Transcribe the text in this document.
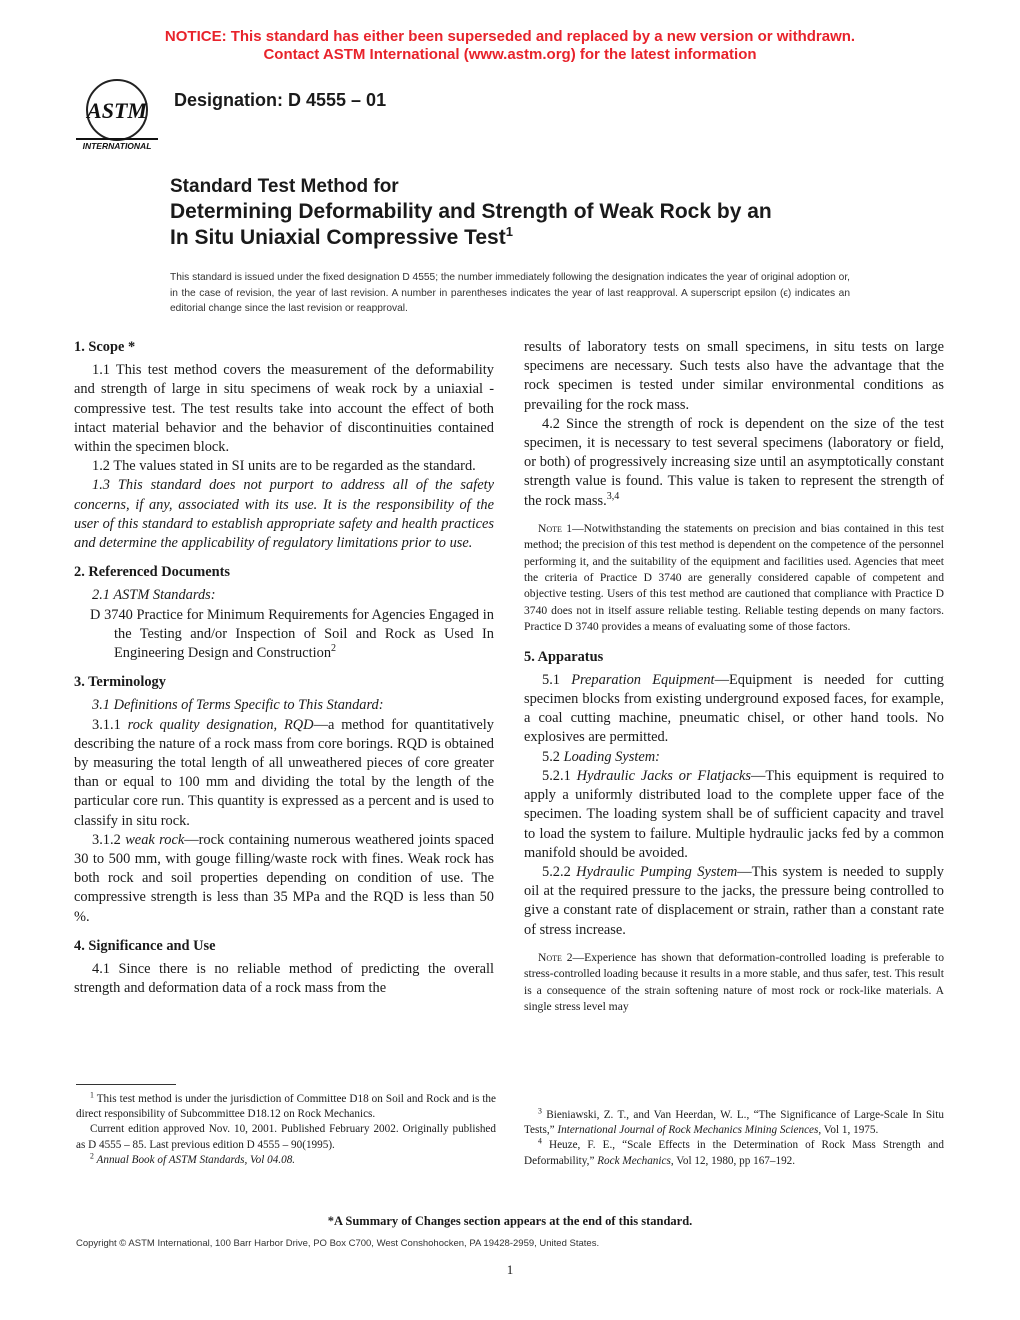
NOTICE: This standard has either been superseded and replaced by a new version or withdrawn.
Contact ASTM International (www.astm.org) for the latest information
ASTM
INTERNATIONAL
Designation: D 4555 – 01
Standard Test Method for
Determining Deformability and Strength of Weak Rock by an
In Situ Uniaxial Compressive Test$^1$
This standard is issued under the fixed designation D 4555; the number immediately following the designation indicates the year of original adoption or, in the case of revision, the year of last revision. A number in parentheses indicates the year of last reapproval. A superscript epsilon (ϵ) indicates an editorial change since the last revision or reapproval.
1. Scope *

1.1 This test method covers the measurement of the deformability and strength of large in situ specimens of weak rock by a uniaxial - compressive test. The test results take into account the effect of both intact material behavior and the behavior of discontinuities contained within the specimen block.

1.2 The values stated in SI units are to be regarded as the standard.

1.3 This standard does not purport to address all of the safety concerns, if any, associated with its use. It is the responsibility of the user of this standard to establish appropriate safety and health practices and determine the applicability of regulatory limitations prior to use.

2. Referenced Documents

2.1 ASTM Standards:

D 3740 Practice for Minimum Requirements for Agencies Engaged in the Testing and/or Inspection of Soil and Rock as Used In Engineering Design and Construction$^2$

3. Terminology

3.1 Definitions of Terms Specific to This Standard:

3.1.1 rock quality designation, RQD—a method for quantitatively describing the nature of a rock mass from core borings. RQD is obtained by measuring the total length of all unweathered pieces of core greater than or equal to 100 mm and dividing the total by the length of the particular core run. This quantity is expressed as a percent and is used to classify in situ rock.

3.1.2 weak rock—rock containing numerous weathered joints spaced 30 to 500 mm, with gouge filling/waste rock with fines. Weak rock has both rock and soil properties depending on condition of use. The compressive strength is less than 35 MPa and the RQD is less than 50 %.

4. Significance and Use

4.1 Since there is no reliable method of predicting the overall strength and deformation data of a rock mass from the

results of laboratory tests on small specimens, in situ tests on large specimens are necessary. Such tests also have the advantage that the rock specimen is tested under similar environmental conditions as prevailing for the rock mass.

4.2 Since the strength of rock is dependent on the size of the test specimen, it is necessary to test several specimens (laboratory or field, or both) of progressively increasing size until an asymptotically constant strength value is found. This value is taken to represent the strength of the rock mass.$^{3,4}$

Note 1—Notwithstanding the statements on precision and bias contained in this test method; the precision of this test method is dependent on the competence of the personnel performing it, and the suitability of the equipment and facilities used. Agencies that meet the criteria of Practice D 3740 are generally considered capable of competent and objective testing. Users of this test method are cautioned that compliance with Practice D 3740 does not in itself assure reliable testing. Reliable testing depends on many factors. Practice D 3740 provides a means of evaluating some of those factors.

5. Apparatus

5.1 Preparation Equipment—Equipment is needed for cutting specimen blocks from existing underground exposed faces, for example, a coal cutting machine, pneumatic chisel, or other hand tools. No explosives are permitted.

5.2 Loading System:

5.2.1 Hydraulic Jacks or Flatjacks—This equipment is required to apply a uniformly distributed load to the complete upper face of the specimen. The loading system shall be of sufficient capacity and travel to load the system to failure. Multiple hydraulic jacks fed by a common manifold should be avoided.

5.2.2 Hydraulic Pumping System—This system is needed to supply oil at the required pressure to the jacks, the pressure being controlled to give a constant rate of displacement or strain, rather than a constant rate of stress increase.

Note 2—Experience has shown that deformation-controlled loading is preferable to stress-controlled loading because it results in a more stable, and thus safer, test. This result is a consequence of the strain softening nature of most rock or rock-like materials. A single stress level may

$^1$ This test method is under the jurisdiction of Committee D18 on Soil and Rock and is the direct responsibility of Subcommittee D18.12 on Rock Mechanics.

Current edition approved Nov. 10, 2001. Published February 2002. Originally published as D 4555 – 85. Last previous edition D 4555 – 90(1995).

$^2$ Annual Book of ASTM Standards, Vol 04.08.

$^3$ Bieniawski, Z. T., and Van Heerdan, W. L., “The Significance of Large-Scale In Situ Tests,” International Journal of Rock Mechanics Mining Sciences, Vol 1, 1975.

$^4$ Heuze, F. E., “Scale Effects in the Determination of Rock Mass Strength and Deformability,” Rock Mechanics, Vol 12, 1980, pp 167–192.

*A Summary of Changes section appears at the end of this standard.
Copyright © ASTM International, 100 Barr Harbor Drive, PO Box C700, West Conshohocken, PA 19428-2959, United States.
1
